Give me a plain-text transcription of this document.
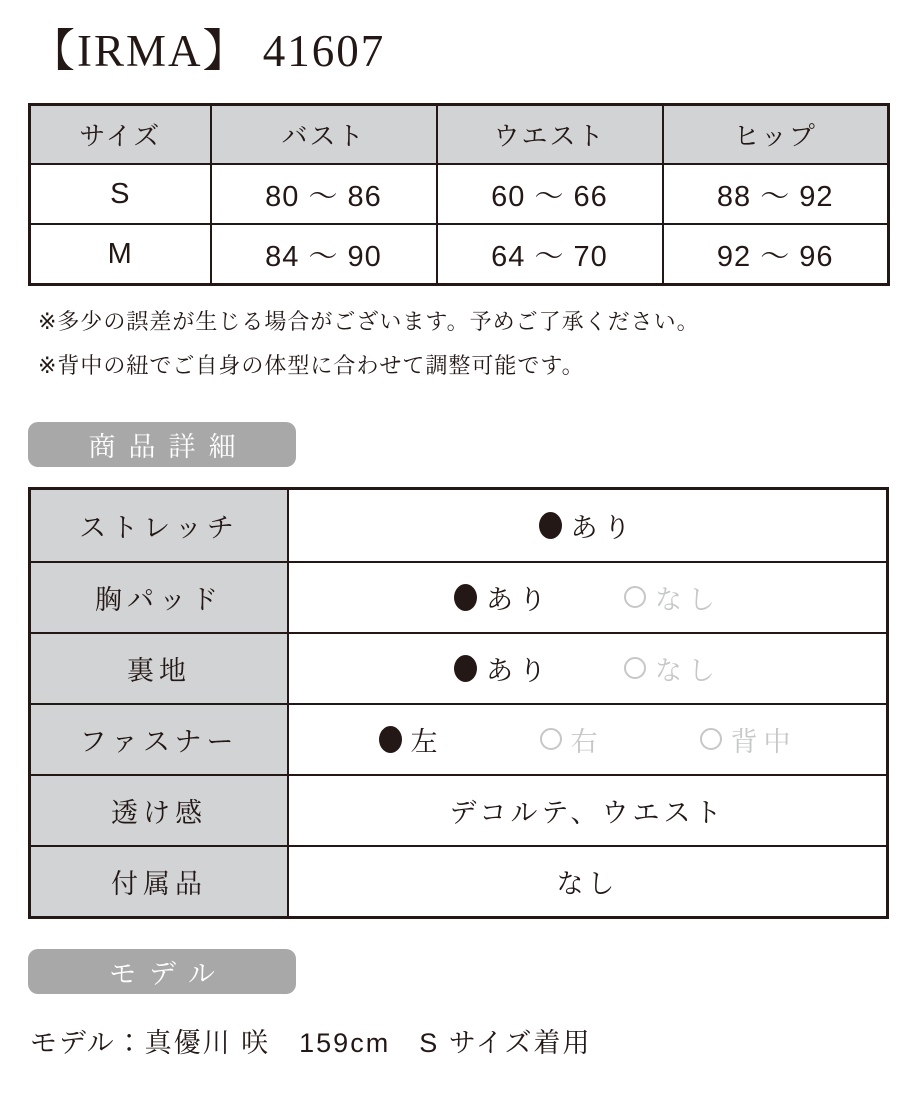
【IRMA】 41607
サイズ	バスト	ウエスト	ヒップ
S	80 ～ 86	60 ～ 66	88 ～ 92
M	84 ～ 90	64 ～ 70	92 ～ 96
※多少の誤差が生じる場合がございます。予めご了承ください。
※背中の紐でご自身の体型に合わせて調整可能です。
商品詳細
ストレッチ	あり
胸パッド	あり	なし
裏地	あり	なし
ファスナー	左	右	背中
透け感	デコルテ、ウエスト
付属品	なし
モデル
モデル：真優川 咲　159cm　S サイズ着用
